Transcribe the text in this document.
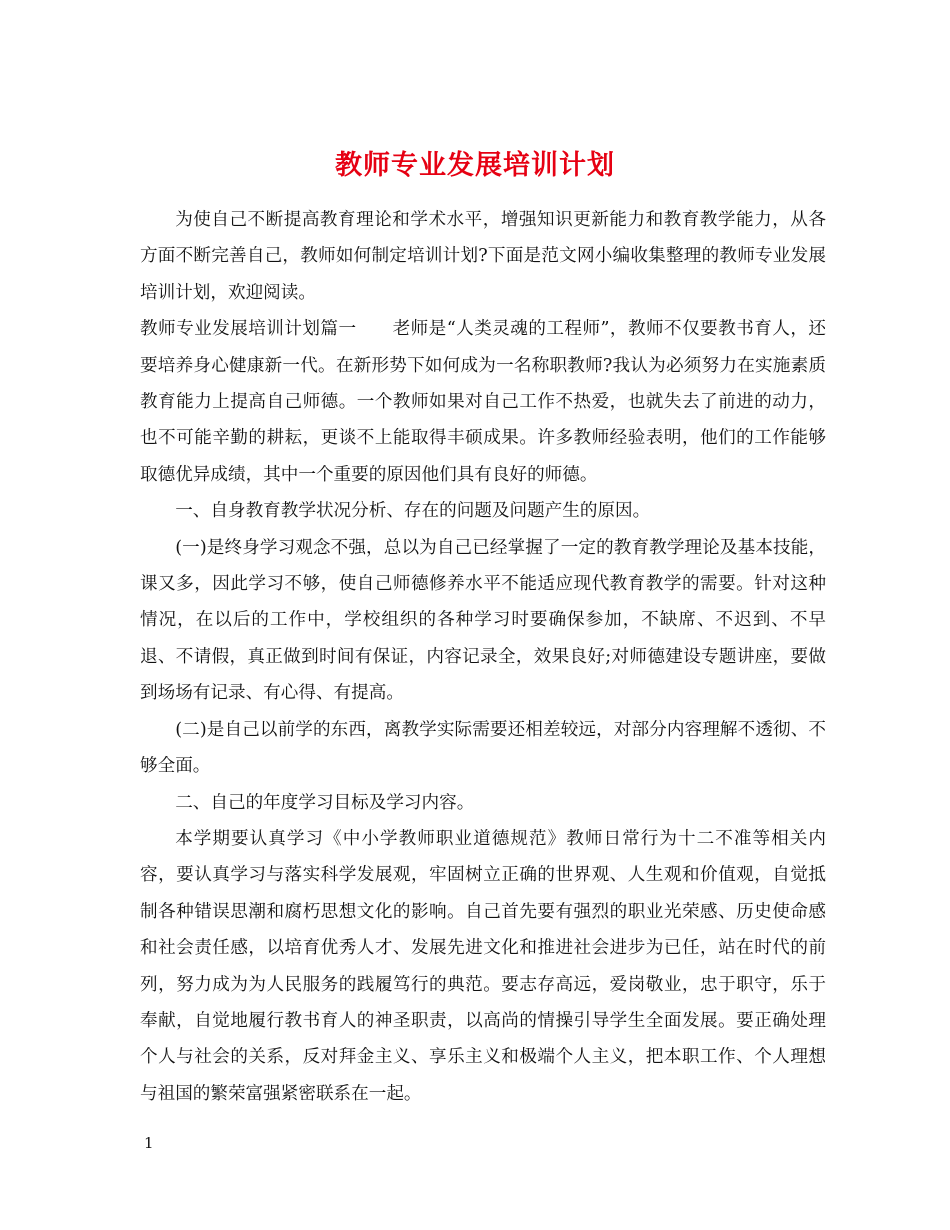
教师专业发展培训计划

为使自己不断提高教育理论和学术水平，增强知识更新能力和教育教学能力，从各方面不断完善自己，教师如何制定培训计划?下面是范文网小编收集整理的教师专业发展培训计划，欢迎阅读。

教师专业发展培训计划篇一　　老师是“人类灵魂的工程师”，教师不仅要教书育人，还要培养身心健康新一代。在新形势下如何成为一名称职教师?我认为必须努力在实施素质教育能力上提高自己师德。一个教师如果对自己工作不热爱，也就失去了前进的动力，也不可能辛勤的耕耘，更谈不上能取得丰硕成果。许多教师经验表明，他们的工作能够取德优异成绩，其中一个重要的原因他们具有良好的师德。

一、自身教育教学状况分析、存在的问题及问题产生的原因。

(一)是终身学习观念不强，总以为自己已经掌握了一定的教育教学理论及基本技能，课又多，因此学习不够，使自己师德修养水平不能适应现代教育教学的需要。针对这种情况，在以后的工作中，学校组织的各种学习时要确保参加，不缺席、不迟到、不早退、不请假，真正做到时间有保证，内容记录全，效果良好;对师德建设专题讲座，要做到场场有记录、有心得、有提高。

(二)是自己以前学的东西，离教学实际需要还相差较远，对部分内容理解不透彻、不够全面。

二、自己的年度学习目标及学习内容。

本学期要认真学习《中小学教师职业道德规范》教师日常行为十二不准等相关内容，要认真学习与落实科学发展观，牢固树立正确的世界观、人生观和价值观，自觉抵制各种错误思潮和腐朽思想文化的影响。自己首先要有强烈的职业光荣感、历史使命感和社会责任感，以培育优秀人才、发展先进文化和推进社会进步为已任，站在时代的前列，努力成为为人民服务的践履笃行的典范。要志存高远，爱岗敬业，忠于职守，乐于奉献，自觉地履行教书育人的神圣职责，以高尚的情操引导学生全面发展。要正确处理个人与社会的关系，反对拜金主义、享乐主义和极端个人主义，把本职工作、个人理想与祖国的繁荣富强紧密联系在一起。

1
